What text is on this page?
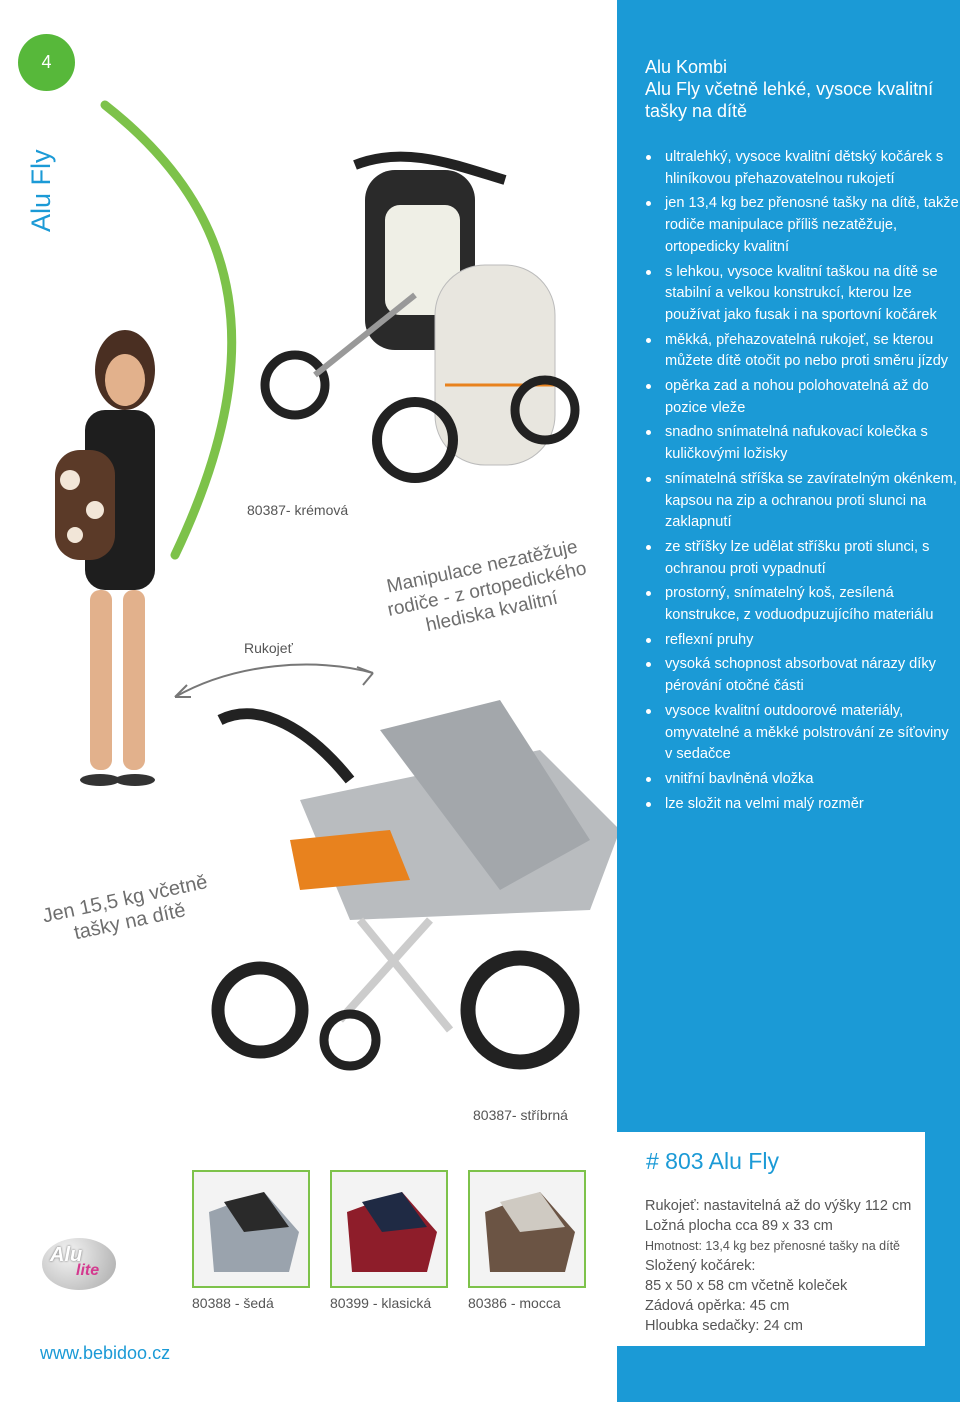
4
Alu Fly
80387- krémová
Rukojeť
Manipulace nezatěžuje rodiče - z ortopedického hlediska kvalitní
Jen 15,5 kg včetně tašky na dítě
80387- stříbrná
Alu Kombi
Alu Fly včetně lehké, vysoce kvalitní tašky na dítě
ultralehký, vysoce kvalitní dětský kočárek s hliníkovou přehazovatelnou rukojetí
jen 13,4 kg bez přenosné tašky na dítě, takže rodiče manipulace příliš nezatěžuje, ortopedicky kvalitní
s lehkou, vysoce kvalitní taškou na dítě se stabilní a velkou konstrukcí, kterou lze používat jako fusak i na sportovní kočárek
měkká, přehazovatelná rukojeť, se kterou můžete dítě otočit po nebo proti směru jízdy
opěrka zad a nohou polohovatelná až do pozice vleže
snadno snímatelná nafukovací kolečka s kuličkovými ložisky
snímatelná stříška se zavíratelným okénkem, kapsou na zip a ochranou proti slunci na zaklapnutí
ze stříšky lze udělat stříšku proti slunci, s ochranou proti vypadnutí
prostorný, snímatelný koš, zesílená konstrukce, z voduodpuzujícího materiálu
reflexní pruhy
vysoká schopnost absorbovat nárazy díky pérování otočné části
vysoce kvalitní outdoorové materiály, omyvatelné a měkké polstrování ze síťoviny v sedačce
vnitřní bavlněná vložka
lze složit na velmi malý rozměr
# 803 Alu Fly
Rukojeť: nastavitelná až do výšky 112 cm
Ložná plocha cca 89 x 33 cm
Hmotnost: 13,4 kg bez přenosné tašky na dítě
Složený kočárek:
85 x 50 x 58 cm včetně koleček
Zádová opěrka: 45 cm
Hloubka sedačky: 24 cm
80388 - šedá	80399 - klasická	80386 - mocca
Alu
lite
www.bebidoo.cz
